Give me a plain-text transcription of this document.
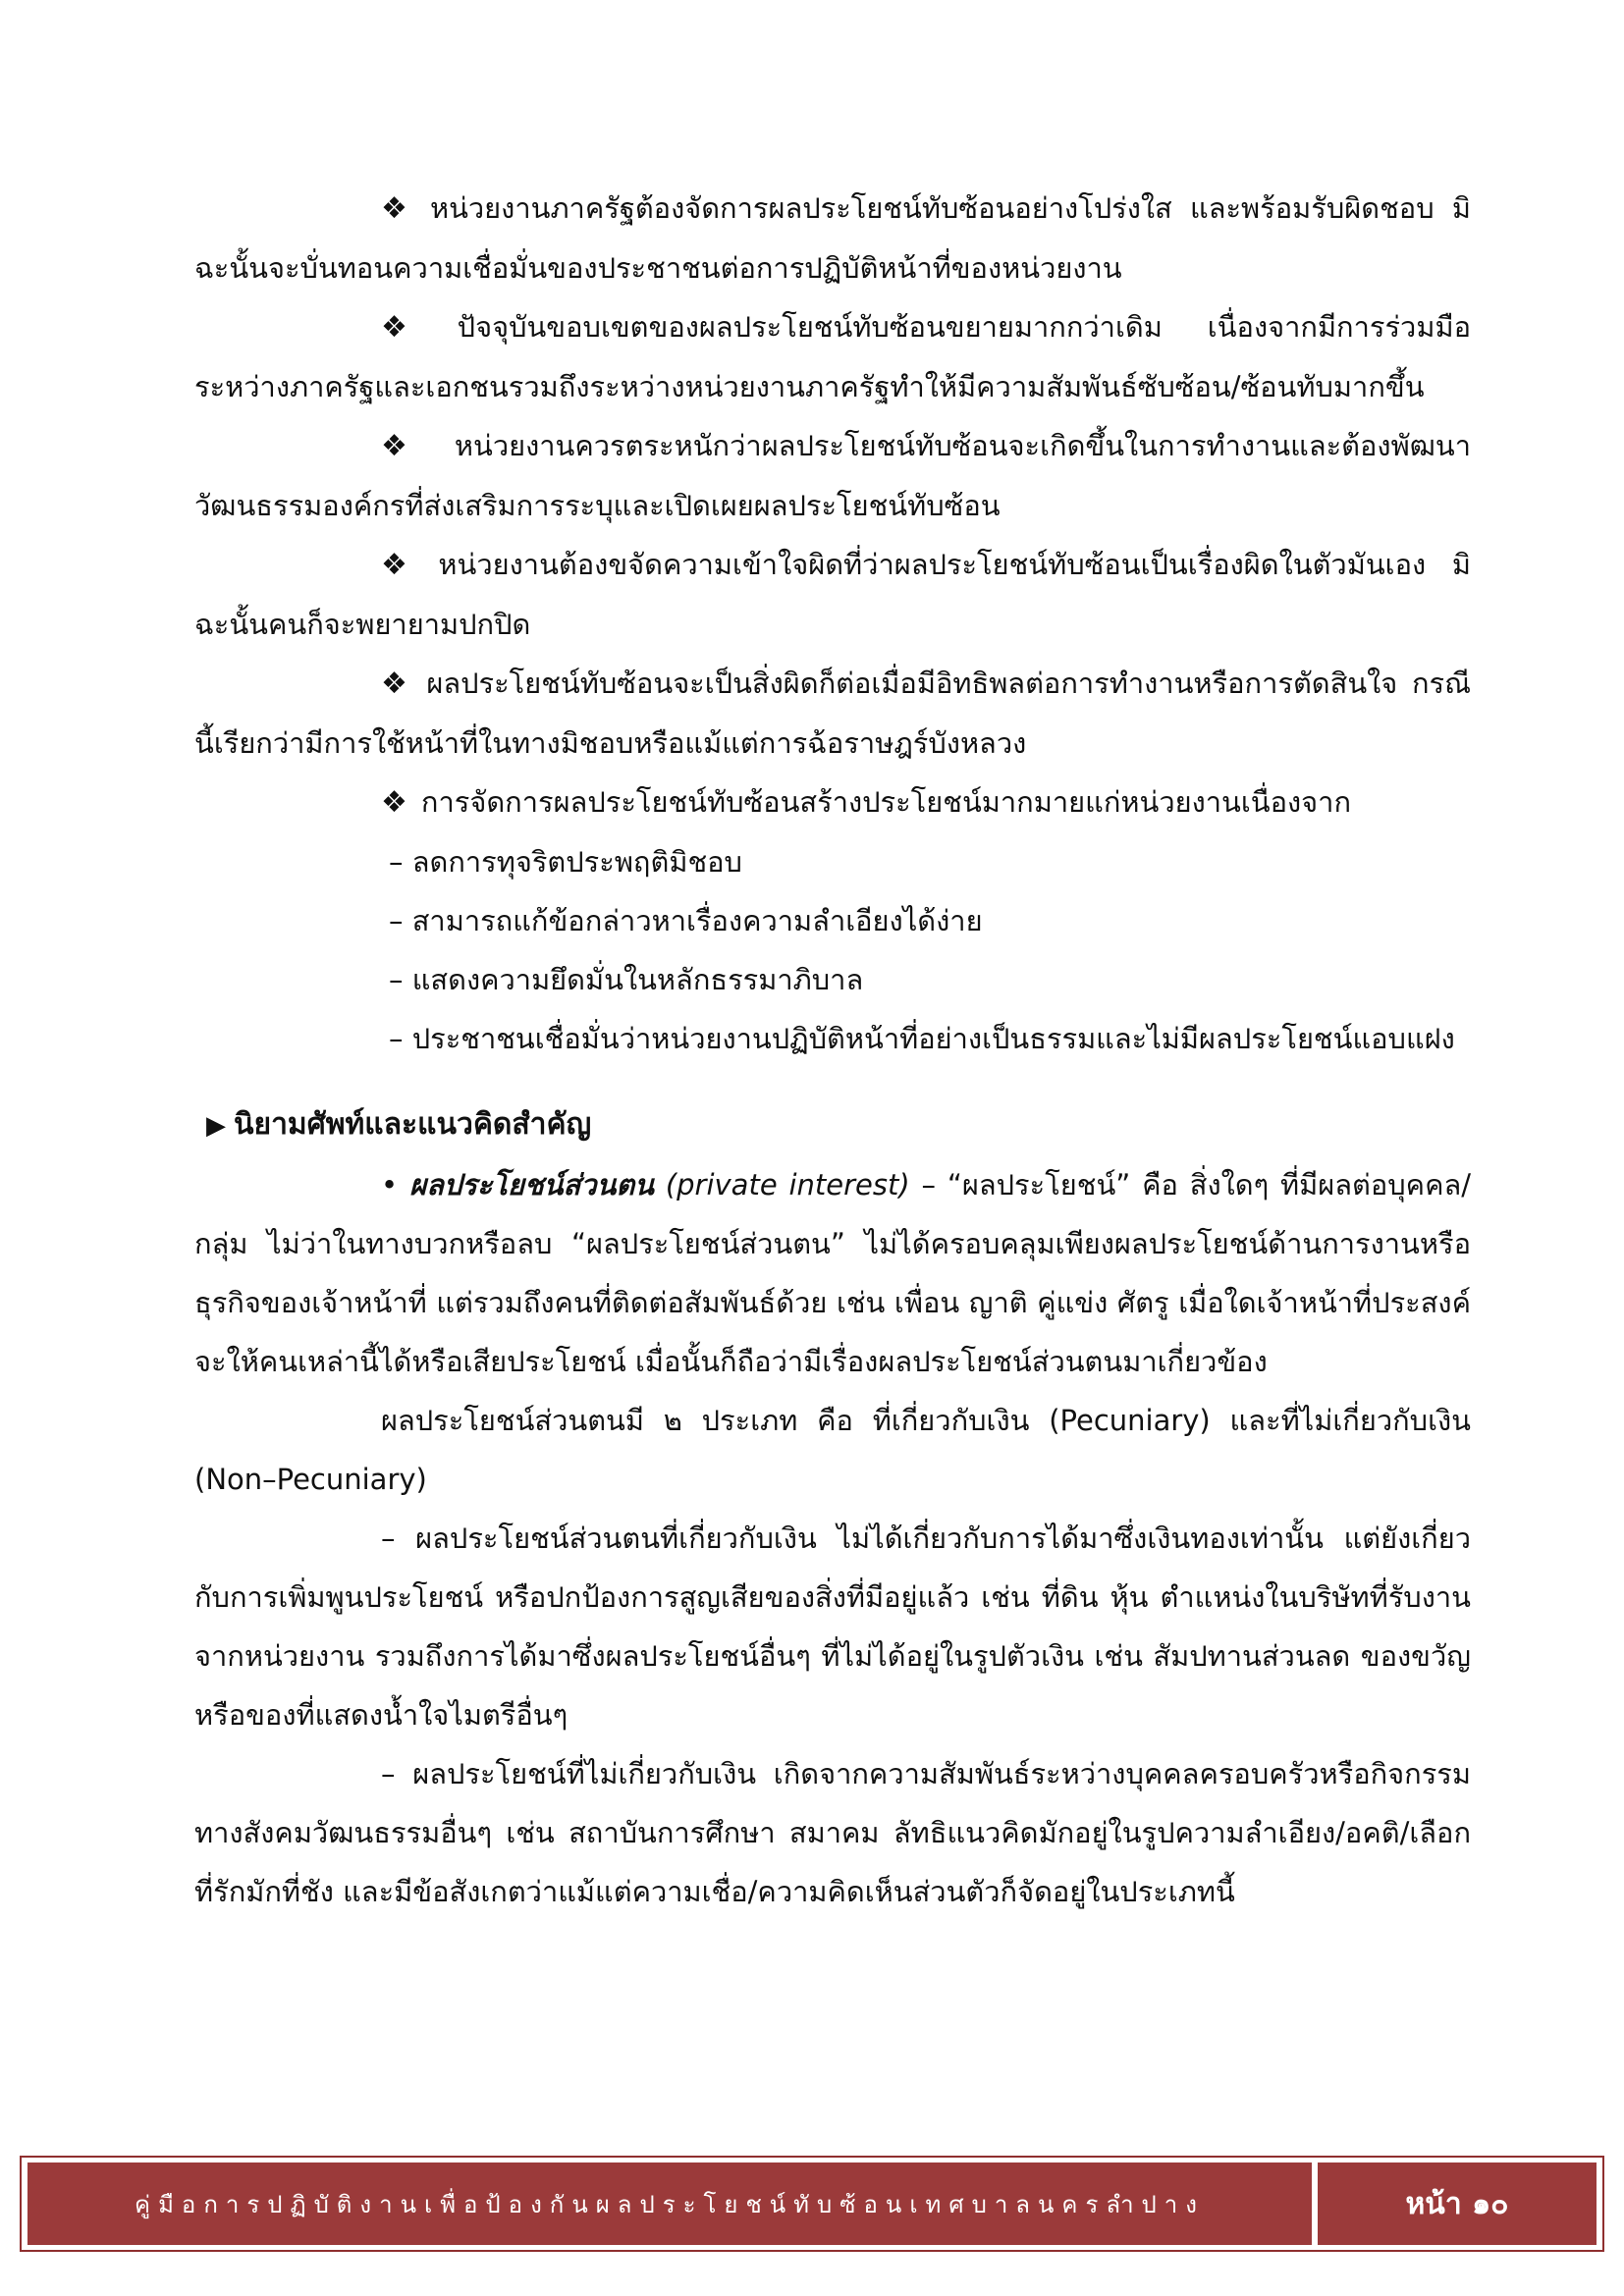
❖ หน่วยงานภาครัฐต้องจัดการผลประโยชน์ทับซ้อนอย่างโปร่งใส และพร้อมรับผิดชอบ มิฉะนั้นจะบั่นทอนความเชื่อมั่นของประชาชนต่อการปฏิบัติหน้าที่ของหน่วยงาน

❖ ปัจจุบันขอบเขตของผลประโยชน์ทับซ้อนขยายมากกว่าเดิม เนื่องจากมีการร่วมมือระหว่างภาครัฐและเอกชนรวมถึงระหว่างหน่วยงานภาครัฐทำให้มีความสัมพันธ์ซับซ้อน/ซ้อนทับมากขึ้น

❖ หน่วยงานควรตระหนักว่าผลประโยชน์ทับซ้อนจะเกิดขึ้นในการทำงานและต้องพัฒนาวัฒนธรรมองค์กรที่ส่งเสริมการระบุและเปิดเผยผลประโยชน์ทับซ้อน

❖ หน่วยงานต้องขจัดความเข้าใจผิดที่ว่าผลประโยชน์ทับซ้อนเป็นเรื่องผิดในตัวมันเอง มิฉะนั้นคนก็จะพยายามปกปิด

❖ ผลประโยชน์ทับซ้อนจะเป็นสิ่งผิดก็ต่อเมื่อมีอิทธิพลต่อการทำงานหรือการตัดสินใจ กรณีนี้เรียกว่ามีการใช้หน้าที่ในทางมิชอบหรือแม้แต่การฉ้อราษฎร์บังหลวง

❖ การจัดการผลประโยชน์ทับซ้อนสร้างประโยชน์มากมายแก่หน่วยงานเนื่องจาก

– ลดการทุจริตประพฤติมิชอบ

– สามารถแก้ข้อกล่าวหาเรื่องความลำเอียงได้ง่าย

– แสดงความยึดมั่นในหลักธรรมาภิบาล

– ประชาชนเชื่อมั่นว่าหน่วยงานปฏิบัติหน้าที่อย่างเป็นธรรมและไม่มีผลประโยชน์แอบแฝง

▶ นิยามศัพท์และแนวคิดสำคัญ

• ผลประโยชน์ส่วนตน (private interest) – “ผลประโยชน์” คือ สิ่งใดๆ ที่มีผลต่อบุคคล/กลุ่ม ไม่ว่าในทางบวกหรือลบ “ผลประโยชน์ส่วนตน” ไม่ได้ครอบคลุมเพียงผลประโยชน์ด้านการงานหรือธุรกิจของเจ้าหน้าที่ แต่รวมถึงคนที่ติดต่อสัมพันธ์ด้วย เช่น เพื่อน ญาติ คู่แข่ง ศัตรู เมื่อใดเจ้าหน้าที่ประสงค์จะให้คนเหล่านี้ได้หรือเสียประโยชน์ เมื่อนั้นก็ถือว่ามีเรื่องผลประโยชน์ส่วนตนมาเกี่ยวข้อง

ผลประโยชน์ส่วนตนมี ๒ ประเภท คือ ที่เกี่ยวกับเงิน (Pecuniary) และที่ไม่เกี่ยวกับเงิน (Non–Pecuniary)

– ผลประโยชน์ส่วนตนที่เกี่ยวกับเงิน ไม่ได้เกี่ยวกับการได้มาซึ่งเงินทองเท่านั้น แต่ยังเกี่ยวกับการเพิ่มพูนประโยชน์ หรือปกป้องการสูญเสียของสิ่งที่มีอยู่แล้ว เช่น ที่ดิน หุ้น ตำแหน่งในบริษัทที่รับงานจากหน่วยงาน รวมถึงการได้มาซึ่งผลประโยชน์อื่นๆ ที่ไม่ได้อยู่ในรูปตัวเงิน เช่น สัมปทานส่วนลด ของขวัญหรือของที่แสดงน้ำใจไมตรีอื่นๆ

– ผลประโยชน์ที่ไม่เกี่ยวกับเงิน เกิดจากความสัมพันธ์ระหว่างบุคคลครอบครัวหรือกิจกรรมทางสังคมวัฒนธรรมอื่นๆ เช่น สถาบันการศึกษา สมาคม ลัทธิแนวคิดมักอยู่ในรูปความลำเอียง/อคติ/เลือกที่รักมักที่ชัง และมีข้อสังเกตว่าแม้แต่ความเชื่อ/ความคิดเห็นส่วนตัวก็จัดอยู่ในประเภทนี้

คู่มือการปฏิบัติงานเพื่อป้องกันผลประโยชน์ทับซ้อนเทศบาลนครลำปาง	หน้า ๑๐
